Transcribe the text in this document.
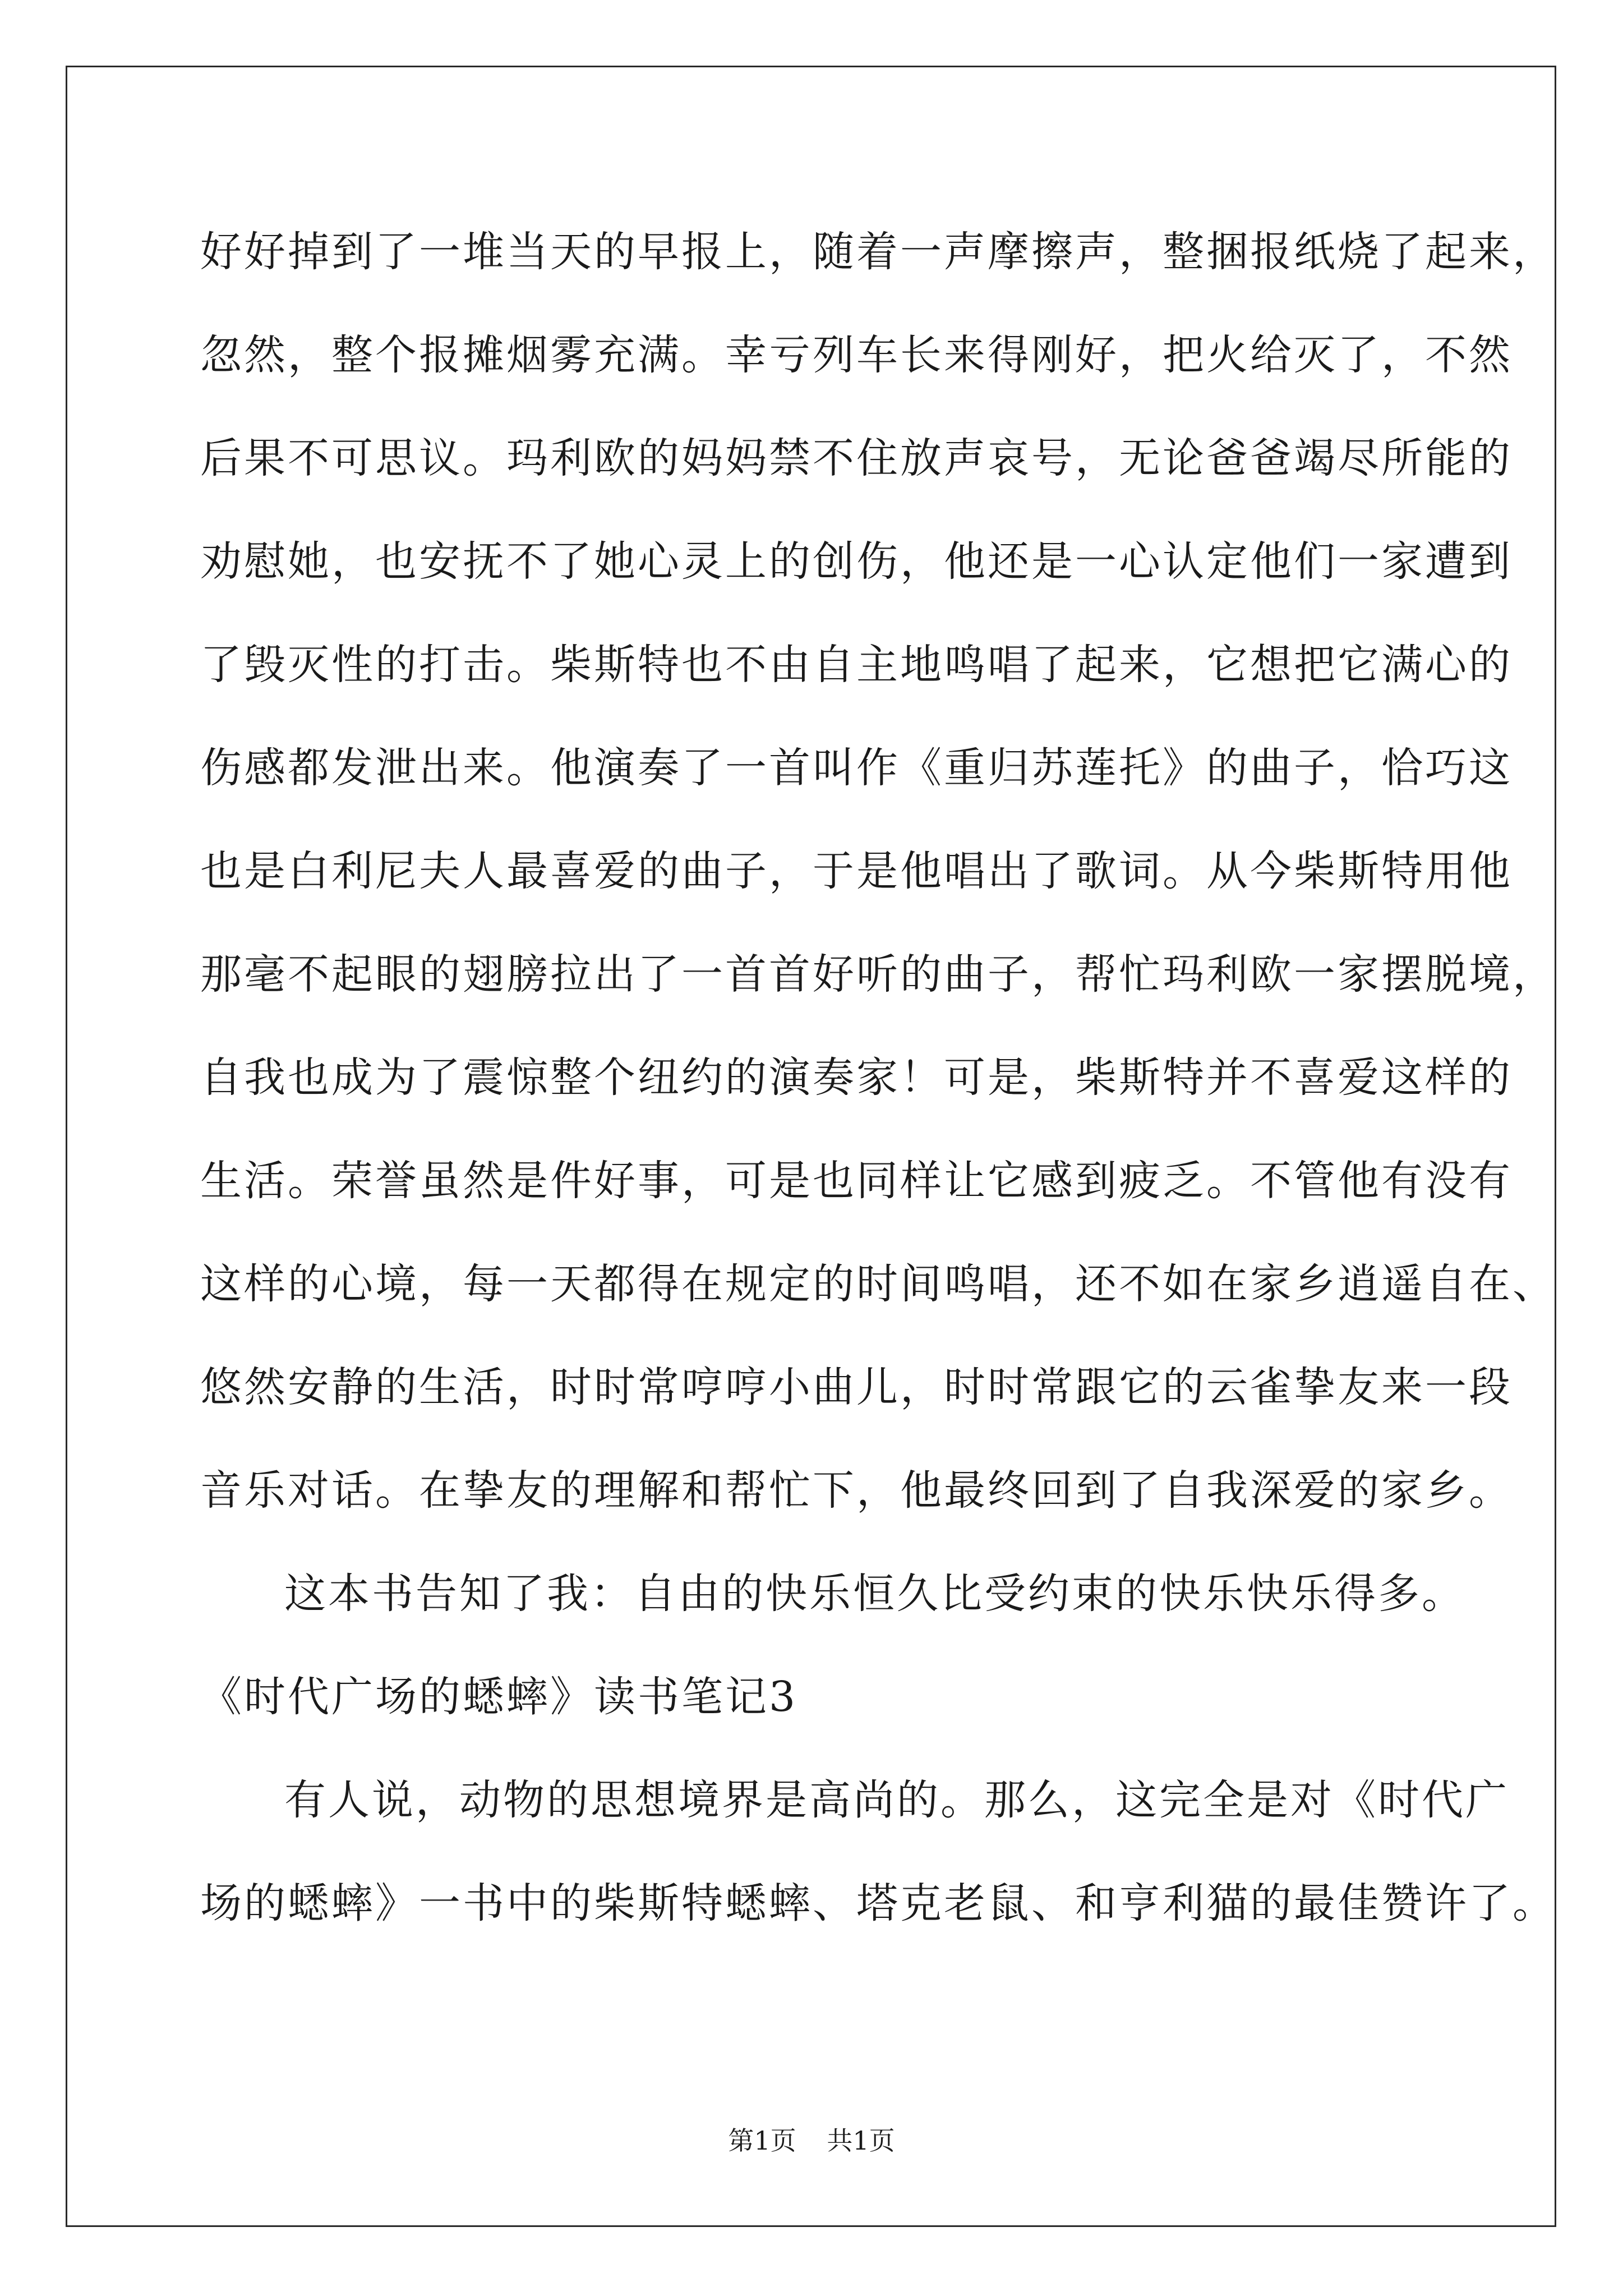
好好掉到了一堆当天的早报上，随着一声摩擦声，整捆报纸烧了起来，
忽然，整个报摊烟雾充满。幸亏列车长来得刚好，把火给灭了，不然
后果不可思议。玛利欧的妈妈禁不住放声哀号，无论爸爸竭尽所能的
劝慰她，也安抚不了她心灵上的创伤，他还是一心认定他们一家遭到
了毁灭性的打击。柴斯特也不由自主地鸣唱了起来，它想把它满心的
伤感都发泄出来。他演奏了一首叫作《重归苏莲托》的曲子，恰巧这
也是白利尼夫人最喜爱的曲子，于是他唱出了歌词。从今柴斯特用他
那毫不起眼的翅膀拉出了一首首好听的曲子，帮忙玛利欧一家摆脱境，
自我也成为了震惊整个纽约的演奏家！可是，柴斯特并不喜爱这样的
生活。荣誉虽然是件好事，可是也同样让它感到疲乏。不管他有没有
这样的心境，每一天都得在规定的时间鸣唱，还不如在家乡逍遥自在、
悠然安静的生活，时时常哼哼小曲儿，时时常跟它的云雀挚友来一段
音乐对话。在挚友的理解和帮忙下，他最终回到了自我深爱的家乡。
这本书告知了我：自由的快乐恒久比受约束的快乐快乐得多。
《时代广场的蟋蟀》读书笔记3
有人说，动物的思想境界是高尚的。那么，这完全是对《时代广
场的蟋蟀》一书中的柴斯特蟋蟀、塔克老鼠、和亨利猫的最佳赞许了。
第1页 共1页
